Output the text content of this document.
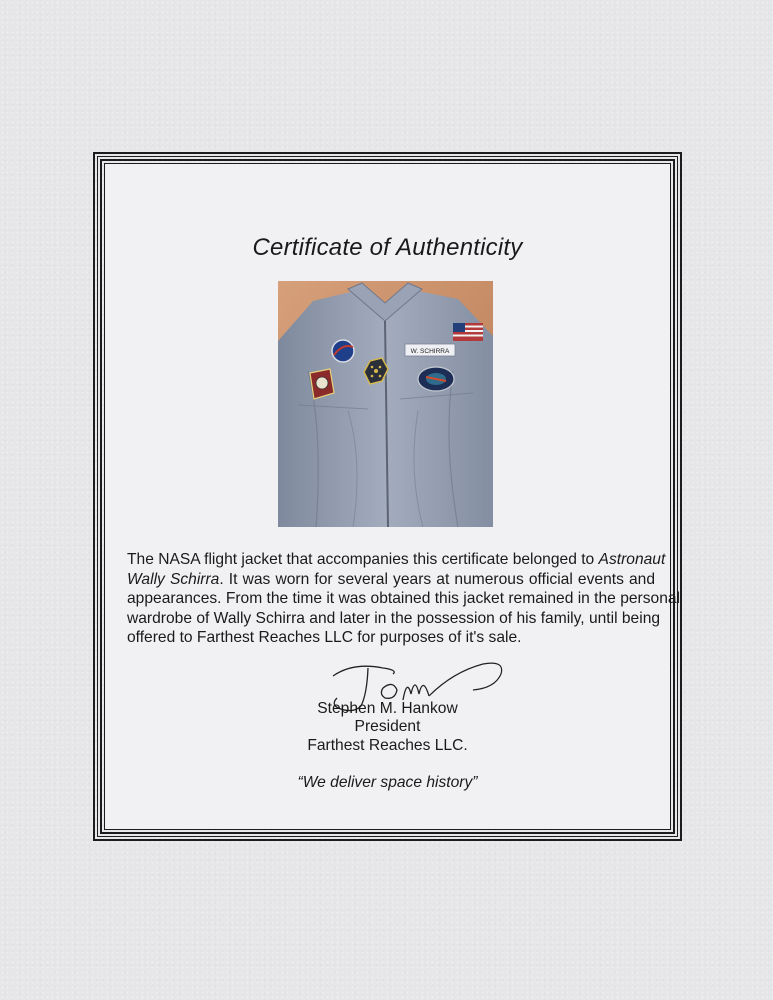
Certificate of Authenticity
W. SCHIRRA
The NASA flight jacket that accompanies this certificate belonged to Astronaut
Wally Schirra. It was worn for several years at numerous official events and
appearances. From the time it was obtained this jacket remained in the personal
wardrobe of Wally Schirra and later in the possession of his family, until being
offered to Farthest Reaches LLC for purposes of it's sale.
Stephen M. Hankow
President
Farthest Reaches LLC.
“We deliver space history”
